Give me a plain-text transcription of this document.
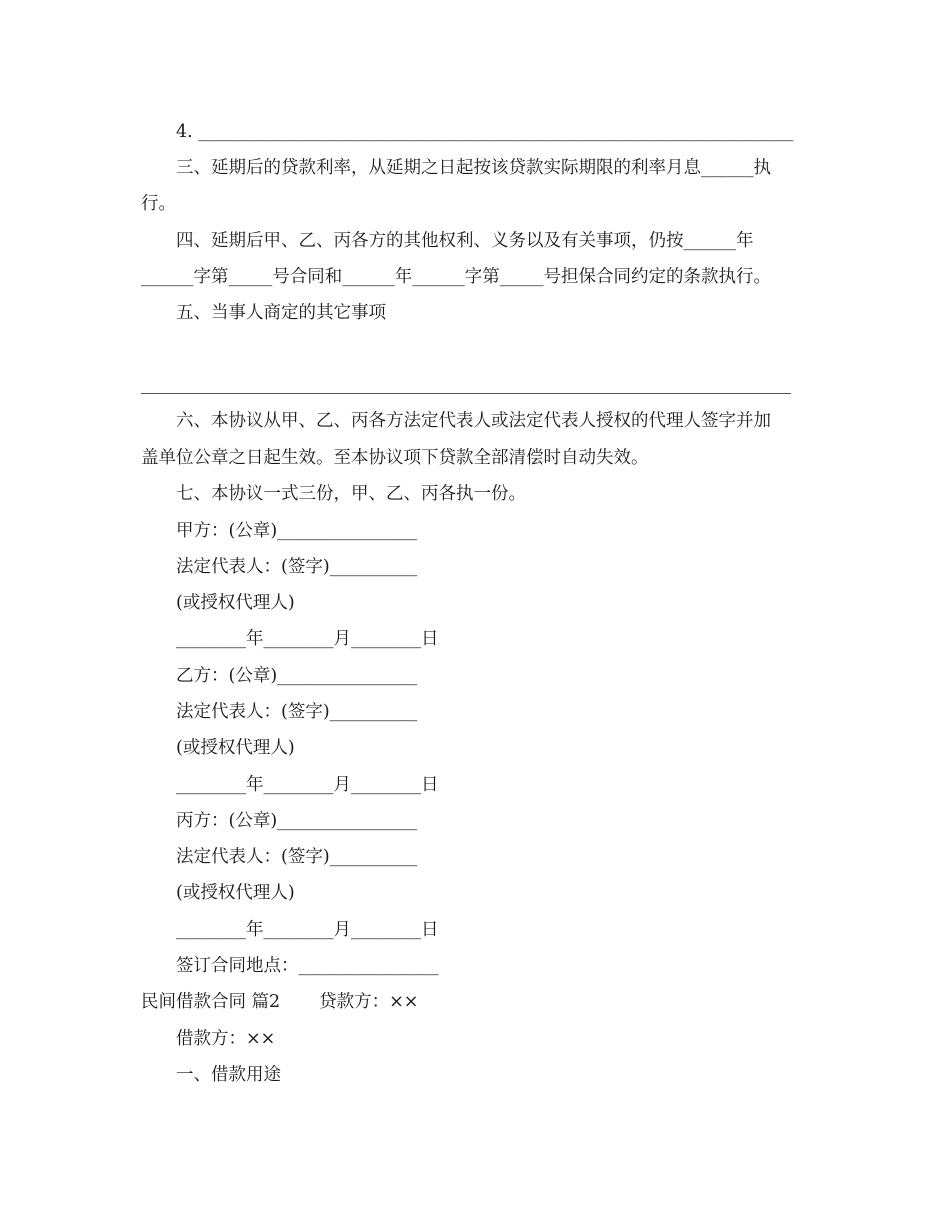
4. ____________________________________________________________________
三、延期后的贷款利率，从延期之日起按该贷款实际期限的利率月息______执
行。
四、延期后甲、乙、丙各方的其他权利、义务以及有关事项，仍按______年
______字第_____号合同和______年______字第_____号担保合同约定的条款执行。
五、当事人商定的其它事项
六、本协议从甲、乙、丙各方法定代表人或法定代表人授权的代理人签字并加
盖单位公章之日起生效。至本协议项下贷款全部清偿时自动失效。
七、本协议一式三份，甲、乙、丙各执一份。
甲方：(公章)________________
法定代表人：(签字)__________
(或授权代理人)
________年________月________日
乙方：(公章)________________
法定代表人：(签字)__________
(或授权代理人)
________年________月________日
丙方：(公章)________________
法定代表人：(签字)__________
(或授权代理人)
________年________月________日
签订合同地点：________________
民间借款合同 篇2       贷款方：××
借款方：××
一、借款用途
